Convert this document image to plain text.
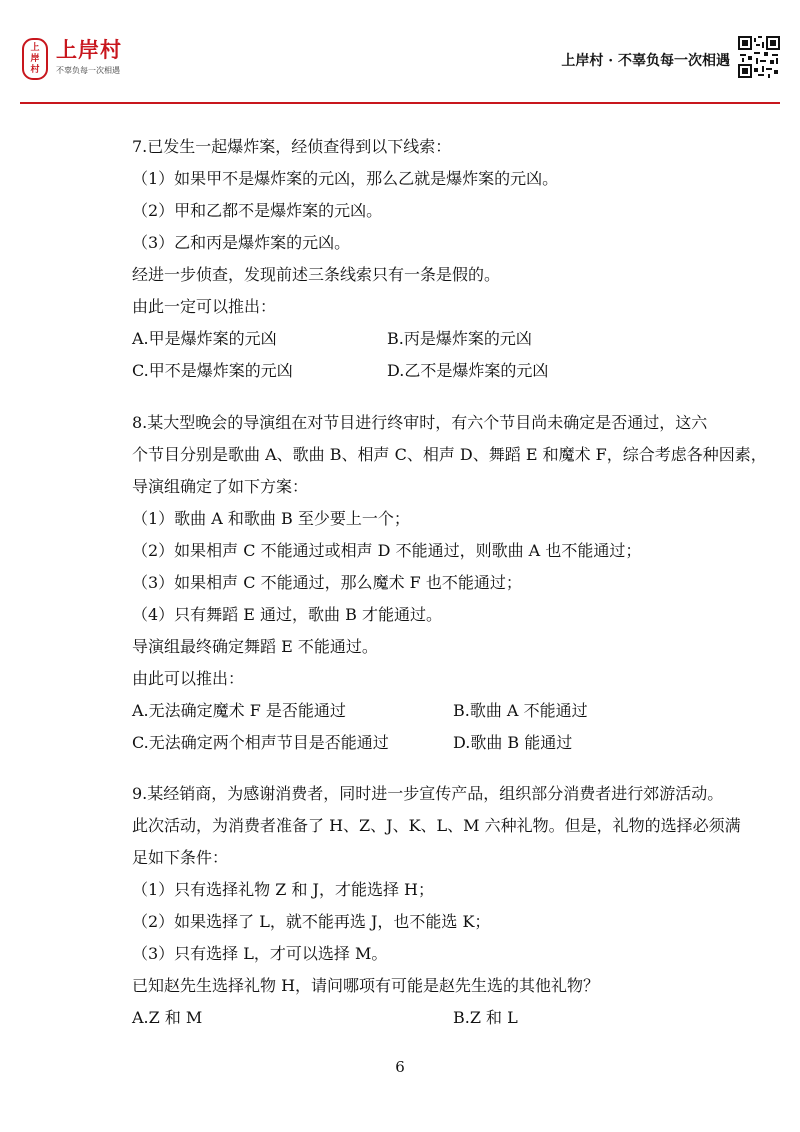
上
岸
村
上岸村
不辜负每一次相遇
上岸村 · 不辜负每一次相遇
7.已发生一起爆炸案，经侦查得到以下线索：
（1）如果甲不是爆炸案的元凶，那么乙就是爆炸案的元凶。
（2）甲和乙都不是爆炸案的元凶。
（3）乙和丙是爆炸案的元凶。
经进一步侦查，发现前述三条线索只有一条是假的。
由此一定可以推出：
A.甲是爆炸案的元凶	B.丙是爆炸案的元凶
C.甲不是爆炸案的元凶	D.乙不是爆炸案的元凶
8.某大型晚会的导演组在对节目进行终审时，有六个节目尚未确定是否通过，这六
个节目分别是歌曲 A、歌曲 B、相声 C、相声 D、舞蹈 E 和魔术 F，综合考虑各种因素，
导演组确定了如下方案：
（1）歌曲 A 和歌曲 B 至少要上一个；
（2）如果相声 C 不能通过或相声 D 不能通过，则歌曲 A 也不能通过；
（3）如果相声 C 不能通过，那么魔术 F 也不能通过；
（4）只有舞蹈 E 通过，歌曲 B 才能通过。
导演组最终确定舞蹈 E 不能通过。
由此可以推出：
A.无法确定魔术 F 是否能通过	B.歌曲 A 不能通过
C.无法确定两个相声节目是否能通过	D.歌曲 B 能通过
9.某经销商，为感谢消费者，同时进一步宣传产品，组织部分消费者进行郊游活动。
此次活动，为消费者准备了 H、Z、J、K、L、M 六种礼物。但是，礼物的选择必须满
足如下条件：
（1）只有选择礼物 Z 和 J，才能选择 H；
（2）如果选择了 L，就不能再选 J，也不能选 K；
（3）只有选择 L，才可以选择 M。
已知赵先生选择礼物 H，请问哪项有可能是赵先生选的其他礼物？
A.Z 和 M	B.Z 和 L
6
